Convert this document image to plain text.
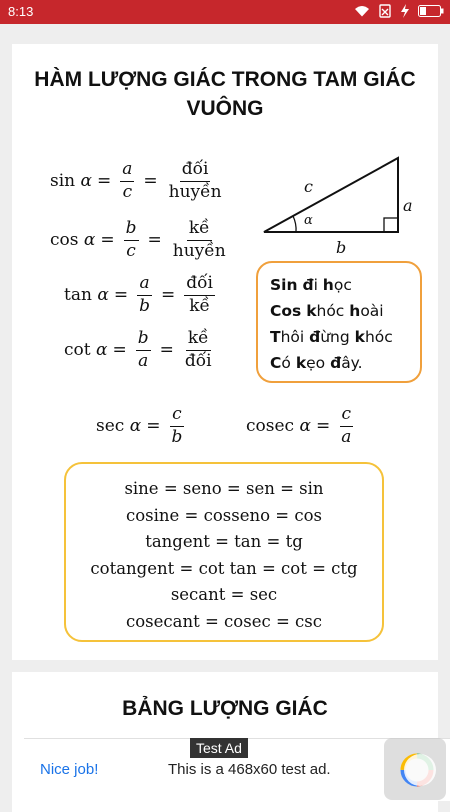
8:13
HÀM LƯỢNG GIÁC TRONG TAM GIÁC
VUÔNG
sin
$\alpha = \frac{a}{c} = \frac{\text{đối}}{\text{huyền}}$
cos
$\alpha = \frac{b}{c} = \frac{\text{kề}}{\text{huyền}}$
tan
$\alpha = \frac{a}{b} = \frac{\text{đối}}{\text{kề}}$
cot
$\alpha = \frac{b}{a} = \frac{\text{kề}}{\text{đối}}$
c
a
b
α
Sin đi học
Cos khóc hoài
Thôi đừng khóc
Có kẹo đây.
sec
$\alpha = \frac{c}{b}$	cosec
$\alpha = \frac{c}{a}$
sine = seno = sen = sin
cosine = cosseno = cos
tangent = tan = tg
cotangent = cot tan = cot = ctg
secant = sec
cosecant = cosec = csc
BẢNG LƯỢNG GIÁC
Nice job!	This is a 468x60 test ad.
Test Ad
